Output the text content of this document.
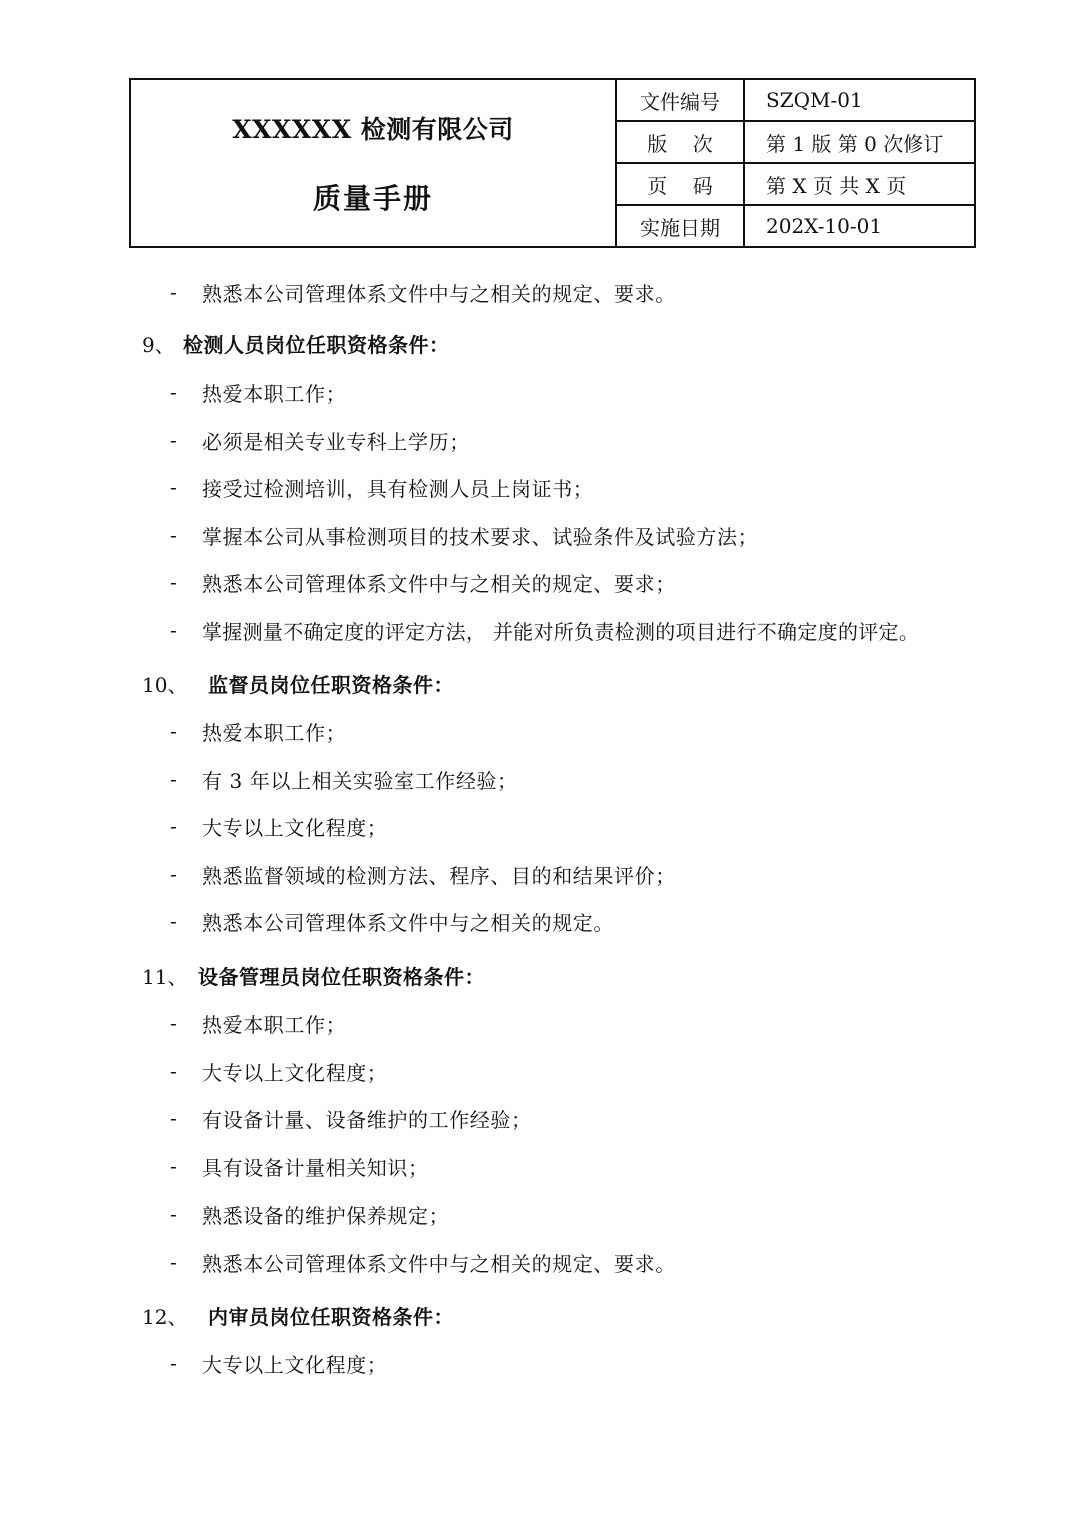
XXXXXX 检测有限公司
质量手册
文件编号	SZQM-01
版    次	第 1 版 第 0 次修订
页    码	第 X 页 共 X 页
实施日期	202X-10-01
- 熟悉本公司管理体系文件中与之相关的规定、要求。
9、 检测人员岗位任职资格条件：
- 热爱本职工作；
- 必须是相关专业专科上学历；
- 接受过检测培训，具有检测人员上岗证书；
- 掌握本公司从事检测项目的技术要求、试验条件及试验方法；
- 熟悉本公司管理体系文件中与之相关的规定、要求；
- 掌握测量不确定度的评定方法， 并能对所负责检测的项目进行不确定度的评定。
10、 监督员岗位任职资格条件：
- 热爱本职工作；
- 有 3 年以上相关实验室工作经验；
- 大专以上文化程度；
- 熟悉监督领域的检测方法、程序、目的和结果评价；
- 熟悉本公司管理体系文件中与之相关的规定。
11、 设备管理员岗位任职资格条件：
- 热爱本职工作；
- 大专以上文化程度；
- 有设备计量、设备维护的工作经验；
- 具有设备计量相关知识；
- 熟悉设备的维护保养规定；
- 熟悉本公司管理体系文件中与之相关的规定、要求。
12、 内审员岗位任职资格条件：
- 大专以上文化程度；
